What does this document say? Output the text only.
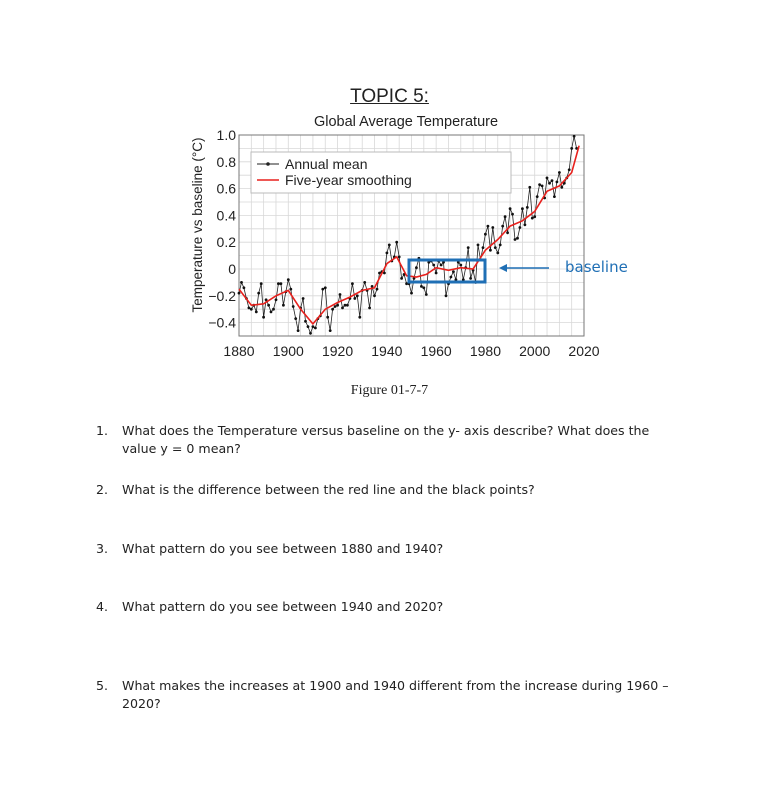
TOPIC 5:
Global Average Temperature
1.0
0.8
0.6
0.4
0.2
0
−0.2
−0.4
1880 1900 1920 1940 1960 1980 2000 2020
Temperature vs baseline (°C)	Annual mean
Five-year smoothing
baseline
Figure 01-7-7
1. What does the Temperature versus baseline on the y- axis describe? What does the value y = 0 mean?
2. What is the difference between the red line and the black points?
3. What pattern do you see between 1880 and 1940?
4. What pattern do you see between 1940 and 2020?
5. What makes the increases at 1900 and 1940 different from the increase during 1960 – 2020?
